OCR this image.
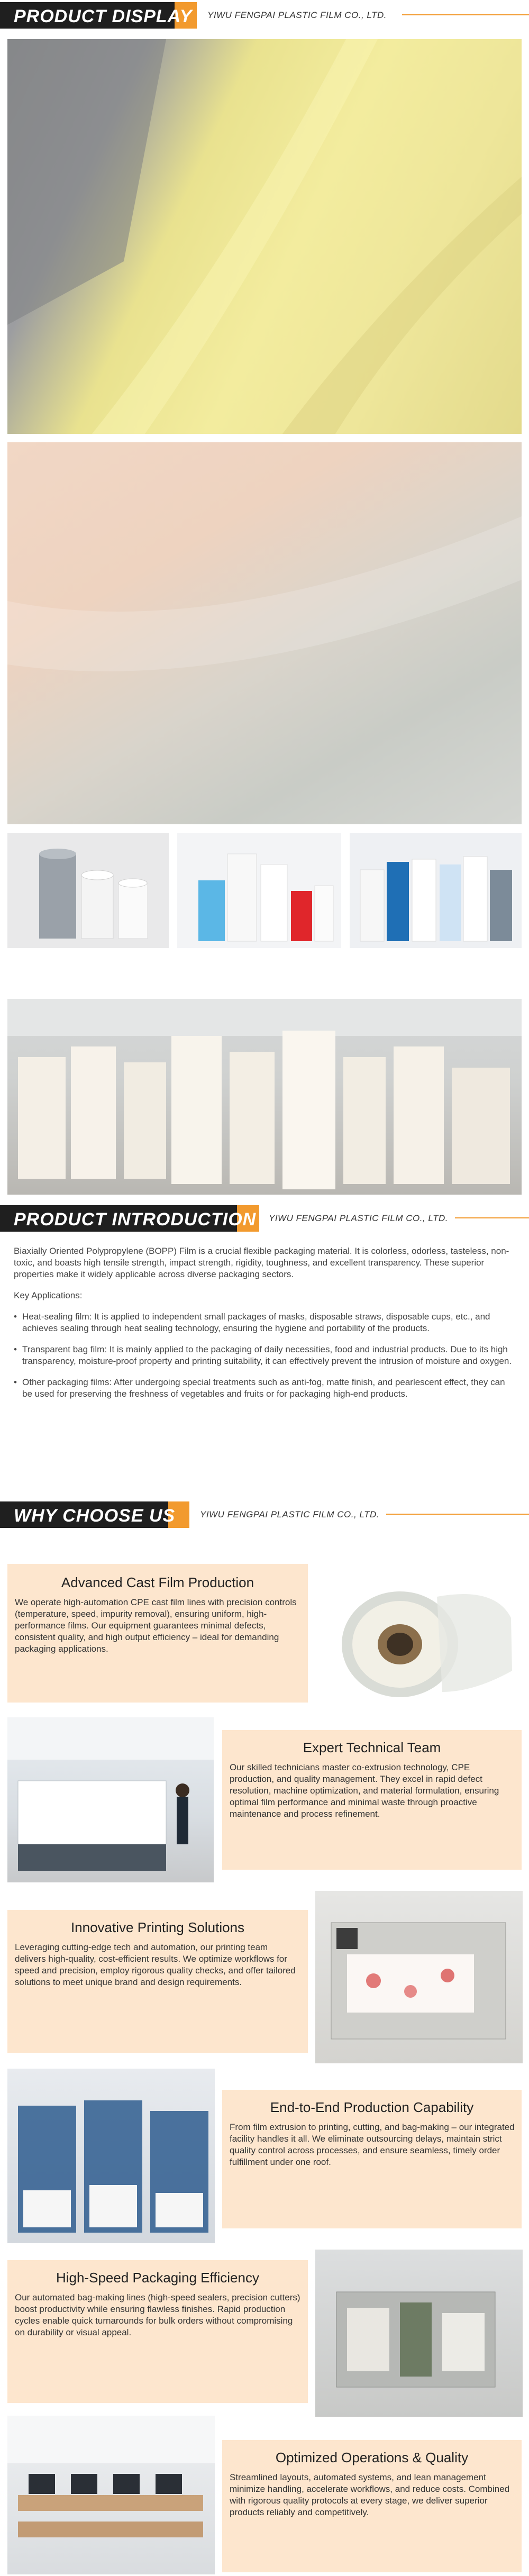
PRODUCT DISPLAY YIWU FENGPAI PLASTIC FILM CO., LTD.
PRODUCT INTRODUCTION YIWU FENGPAI PLASTIC FILM CO., LTD.

Biaxially Oriented Polypropylene (BOPP) Film is a crucial flexible packaging material. It is colorless, odorless, tasteless, non-toxic, and boasts high tensile strength, impact strength, rigidity, toughness, and excellent transparency. These superior properties make it widely applicable across diverse packaging sectors.

Key Applications:

• Heat-sealing film: It is applied to independent small packages of masks, disposable straws, disposable cups, etc., and achieves sealing through heat sealing technology, ensuring the hygiene and portability of the products.

• Transparent bag film: It is mainly applied to the packaging of daily necessities, food and industrial products. Due to its high transparency, moisture-proof property and printing suitability, it can effectively prevent the intrusion of moisture and oxygen.

• Other packaging films: After undergoing special treatments such as anti-fog, matte finish, and pearlescent effect, they can be used for preserving the freshness of vegetables and fruits or for packaging high-end products.

WHY CHOOSE US	YIWU FENGPAI PLASTIC FILM CO., LTD.
Advanced Cast Film Production
We operate high-automation CPE cast film lines with precision controls (temperature, speed, impurity removal), ensuring uniform, high-performance films. Our equipment guarantees minimal defects, consistent quality, and high output efficiency – ideal for demanding packaging applications.
Expert Technical Team
Our skilled technicians master co-extrusion technology, CPE production, and quality management. They excel in rapid defect resolution, machine optimization, and material formulation, ensuring optimal film performance and minimal waste through proactive maintenance and process refinement.
Innovative Printing Solutions
Leveraging cutting-edge tech and automation, our printing team delivers high-quality, cost-efficient results. We optimize workflows for speed and precision, employ rigorous quality checks, and offer tailored solutions to meet unique brand and design requirements.
End-to-End Production Capability
From film extrusion to printing, cutting, and bag-making – our integrated facility handles it all. We eliminate outsourcing delays, maintain strict quality control across processes, and ensure seamless, timely order fulfillment under one roof.
High-Speed Packaging Efficiency
Our automated bag-making lines (high-speed sealers, precision cutters) boost productivity while ensuring flawless finishes. Rapid production cycles enable quick turnarounds for bulk orders without compromising on durability or visual appeal.
Optimized Operations & Quality
Streamlined layouts, automated systems, and lean management minimize handling, accelerate workflows, and reduce costs. Combined with rigorous quality protocols at every stage, we deliver superior products reliably and competitively.
